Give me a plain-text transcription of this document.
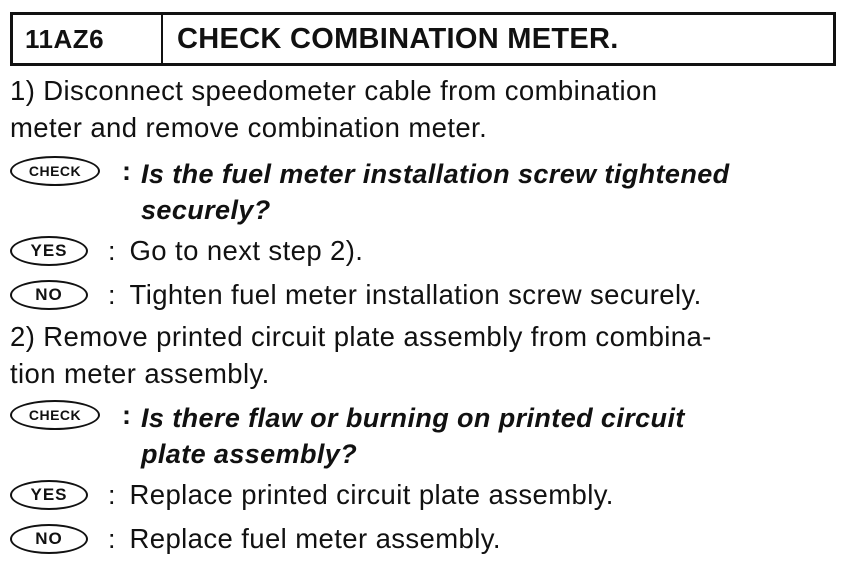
11AZ6	CHECK COMBINATION METER.

1) Disconnect speedometer cable from combination

meter and remove combination meter.

CHECK	: Is the fuel meter installation screw tightened
securely?
YES	: Go to next step 2).
NO	: Tighten fuel meter installation screw securely.

2) Remove printed circuit plate assembly from combina-

tion meter assembly.

CHECK	: Is there flaw or burning on printed circuit
plate assembly?
YES	: Replace printed circuit plate assembly.
NO	: Replace fuel meter assembly.
